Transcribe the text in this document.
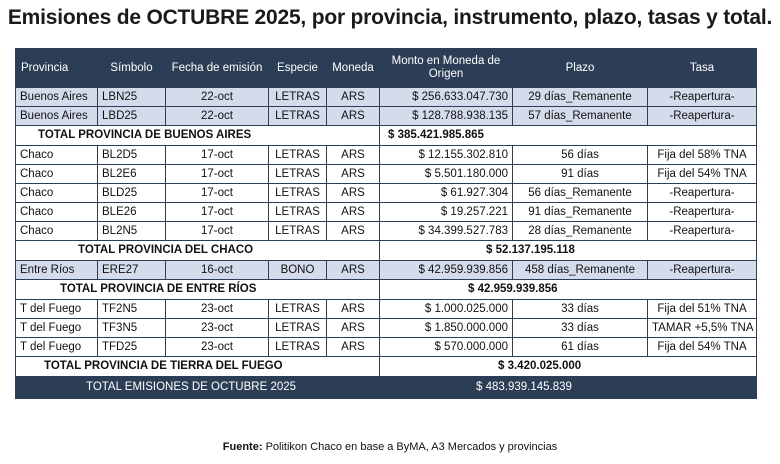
Emisiones de OCTUBRE 2025, por provincia, instrumento, plazo, tasas y total.
Provincia	Símbolo	Fecha de emisión	Especie	Moneda	Monto en Moneda de Origen	Plazo	Tasa
Buenos Aires	LBN25	22-oct	LETRAS	ARS	$ 256.633.047.730	29 días_Remanente	-Reapertura-
Buenos Aires	LBD25	22-oct	LETRAS	ARS	$ 128.788.938.135	57 días_Remanente	-Reapertura-
TOTAL PROVINCIA DE BUENOS AIRES					$ 385.421.985.865		
Chaco	BL2D5	17-oct	LETRAS	ARS	$ 12.155.302.810	56 días	Fija del 58% TNA
Chaco	BL2E6	17-oct	LETRAS	ARS	$ 5.501.180.000	91 días	Fija del 54% TNA
Chaco	BLD25	17-oct	LETRAS	ARS	$ 61.927.304	56 días_Remanente	-Reapertura-
Chaco	BLE26	17-oct	LETRAS	ARS	$ 19.257.221	91 días_Remanente	-Reapertura-
Chaco	BL2N5	17-oct	LETRAS	ARS	$ 34.399.527.783	28 días_Remanente	-Reapertura-
TOTAL PROVINCIA DEL CHACO					$ 52.137.195.118		
Entre Ríos	ERE27	16-oct	BONO	ARS	$ 42.959.939.856	458 días_Remanente	-Reapertura-
TOTAL PROVINCIA DE ENTRE RÍOS					$ 42.959.939.856		
T del Fuego	TF2N5	23-oct	LETRAS	ARS	$ 1.000.025.000	33 días	Fija del 51% TNA
T del Fuego	TF3N5	23-oct	LETRAS	ARS	$ 1.850.000.000	33 días	TAMAR +5,5% TNA
T del Fuego	TFD25	23-oct	LETRAS	ARS	$ 570.000.000	61 días	Fija del 54% TNA
TOTAL PROVINCIA DE TIERRA DEL FUEGO					$ 3.420.025.000		
TOTAL EMISIONES DE OCTUBRE 2025					$ 483.939.145.839		
Fuente: Politikon Chaco en base a ByMA, A3 Mercados y provincias
